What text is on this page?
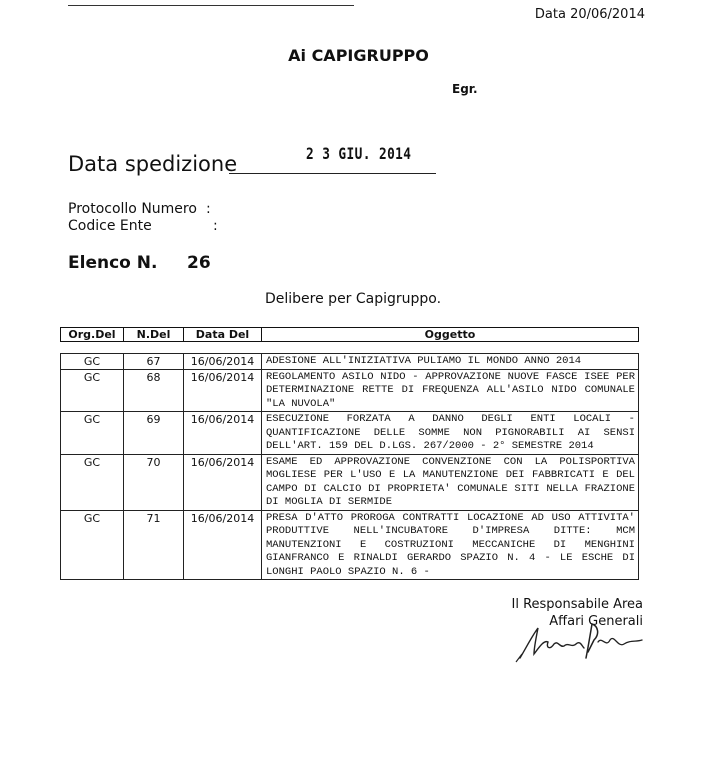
Data 20/06/2014
Ai CAPIGRUPPO
Egr.
Data spedizione	2 3 GIU. 2014
Protocollo Numero :
Codice Ente	:
Elenco N. 26
Delibere per Capigruppo.
Org.Del	N.Del	Data Del	Oggetto
GC	67	16/06/2014	ADESIONE ALL'INIZIATIVA PULIAMO IL MONDO ANNO 2014
GC	68	16/06/2014	REGOLAMENTO ASILO NIDO - APPROVAZIONE NUOVE FASCE ISEE PER DETERMINAZIONE RETTE DI FREQUENZA ALL'ASILO NIDO COMUNALE "LA NUVOLA"
GC	69	16/06/2014	ESECUZIONE FORZATA A DANNO DEGLI ENTI LOCALI - QUANTIFICAZIONE DELLE SOMME NON PIGNORABILI AI SENSI DELL'ART. 159 DEL D.LGS. 267/2000 - 2° SEMESTRE 2014
GC	70	16/06/2014	ESAME ED APPROVAZIONE CONVENZIONE CON LA POLISPORTIVA MOGLIESE PER L'USO E LA MANUTENZIONE DEI FABBRICATI E DEL CAMPO DI CALCIO DI PROPRIETA' COMUNALE SITI NELLA FRAZIONE DI MOGLIA DI SERMIDE
GC	71	16/06/2014	PRESA D'ATTO PROROGA CONTRATTI LOCAZIONE AD USO ATTIVITA' PRODUTTIVE NELL'INCUBATORE D'IMPRESA DITTE: MCM MANUTENZIONI E COSTRUZIONI MECCANICHE DI MENGHINI GIANFRANCO E RINALDI GERARDO SPAZIO N. 4 - LE ESCHE DI LONGHI PAOLO SPAZIO N. 6 -
Il Responsabile Area
Affari Generali
